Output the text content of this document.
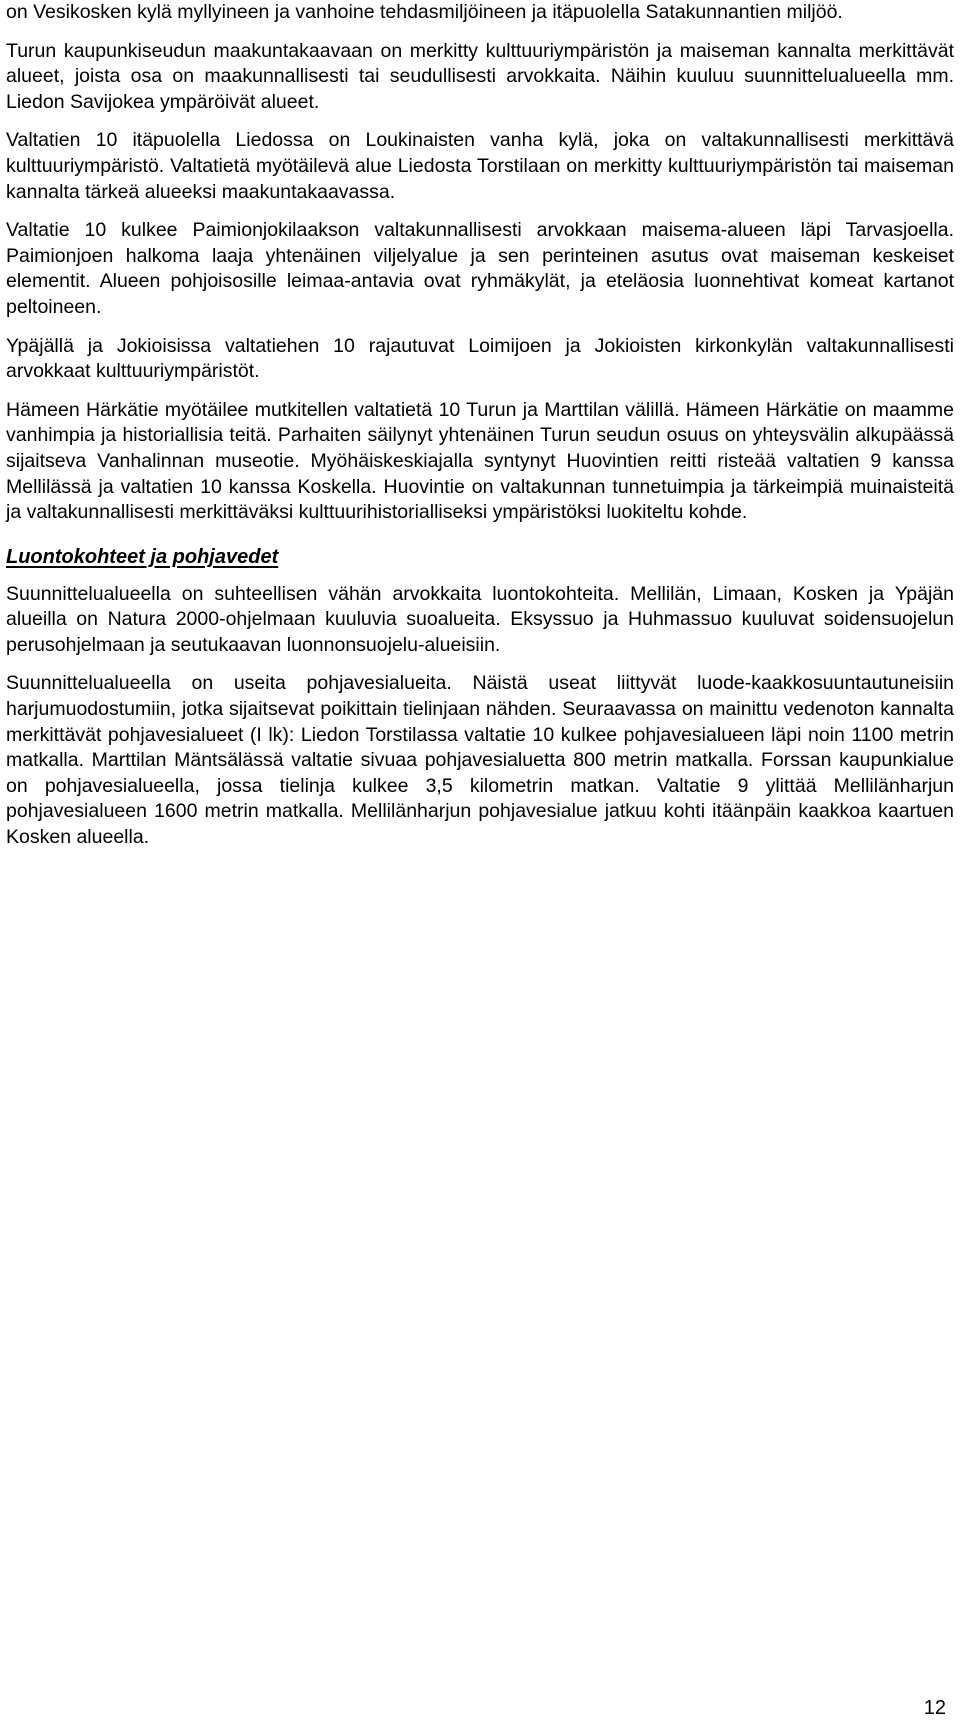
on Vesikosken kylä myllyineen ja vanhoine tehdasmiljöineen ja itäpuolella Satakunnantien miljöö.

Turun kaupunkiseudun maakuntakaavaan on merkitty kulttuuriympäristön ja maiseman kannalta merkittävät alueet, joista osa on maakunnallisesti tai seudullisesti arvokkaita. Näihin kuuluu suunnittelualueella mm. Liedon Savijokea ympäröivät alueet.

Valtatien 10 itäpuolella Liedossa on Loukinaisten vanha kylä, joka on valtakunnallisesti merkittävä kulttuuriympäristö. Valtatietä myötäilevä alue Liedosta Torstilaan on merkitty kulttuuriympäristön tai maiseman kannalta tärkeä alueeksi maakuntakaavassa.

Valtatie 10 kulkee Paimionjokilaakson valtakunnallisesti arvokkaan maisema-alueen läpi Tarvasjoella. Paimionjoen halkoma laaja yhtenäinen viljelyalue ja sen perinteinen asutus ovat maiseman keskeiset elementit. Alueen pohjoisosille leimaa-antavia ovat ryhmäkylät, ja eteläosia luonnehtivat komeat kartanot peltoineen.

Ypäjällä ja Jokioisissa valtatiehen 10 rajautuvat Loimijoen ja Jokioisten kirkonkylän valtakunnallisesti arvokkaat kulttuuriympäristöt.

Hämeen Härkätie myötäilee mutkitellen valtatietä 10 Turun ja Marttilan välillä. Hämeen Härkätie on maamme vanhimpia ja historiallisia teitä. Parhaiten säilynyt yhtenäinen Turun seudun osuus on yhteysvälin alkupäässä sijaitseva Vanhalinnan museotie. Myöhäiskeskiajalla syntynyt Huovintien reitti risteää valtatien 9 kanssa Mellilässä ja valtatien 10 kanssa Koskella. Huovintie on valtakunnan tunnetuimpia ja tärkeimpiä muinaisteitä ja valtakunnallisesti merkittäväksi kulttuurihistorialliseksi ympäristöksi luokiteltu kohde.

Luontokohteet ja pohjavedet

Suunnittelualueella on suhteellisen vähän arvokkaita luontokohteita. Mellilän, Limaan, Kosken ja Ypäjän alueilla on Natura 2000-ohjelmaan kuuluvia suoalueita. Eksyssuo ja Huhmassuo kuuluvat soidensuojelun perusohjelmaan ja seutukaavan luonnonsuojelu-alueisiin.

Suunnittelualueella on useita pohjavesialueita. Näistä useat liittyvät luode-kaakkosuuntautuneisiin harjumuodostumiin, jotka sijaitsevat poikittain tielinjaan nähden. Seuraavassa on mainittu vedenoton kannalta merkittävät pohjavesialueet (I lk): Liedon Torstilassa valtatie 10 kulkee pohjavesialueen läpi noin 1100 metrin matkalla. Marttilan Mäntsälässä valtatie sivuaa pohjavesialuetta 800 metrin matkalla. Forssan kaupunkialue on pohjavesialueella, jossa tielinja kulkee 3,5 kilometrin matkan. Valtatie 9 ylittää Mellilänharjun pohjavesialueen 1600 metrin matkalla. Mellilänharjun pohjavesialue jatkuu kohti itäänpäin kaakkoa kaartuen Kosken alueella.

12
